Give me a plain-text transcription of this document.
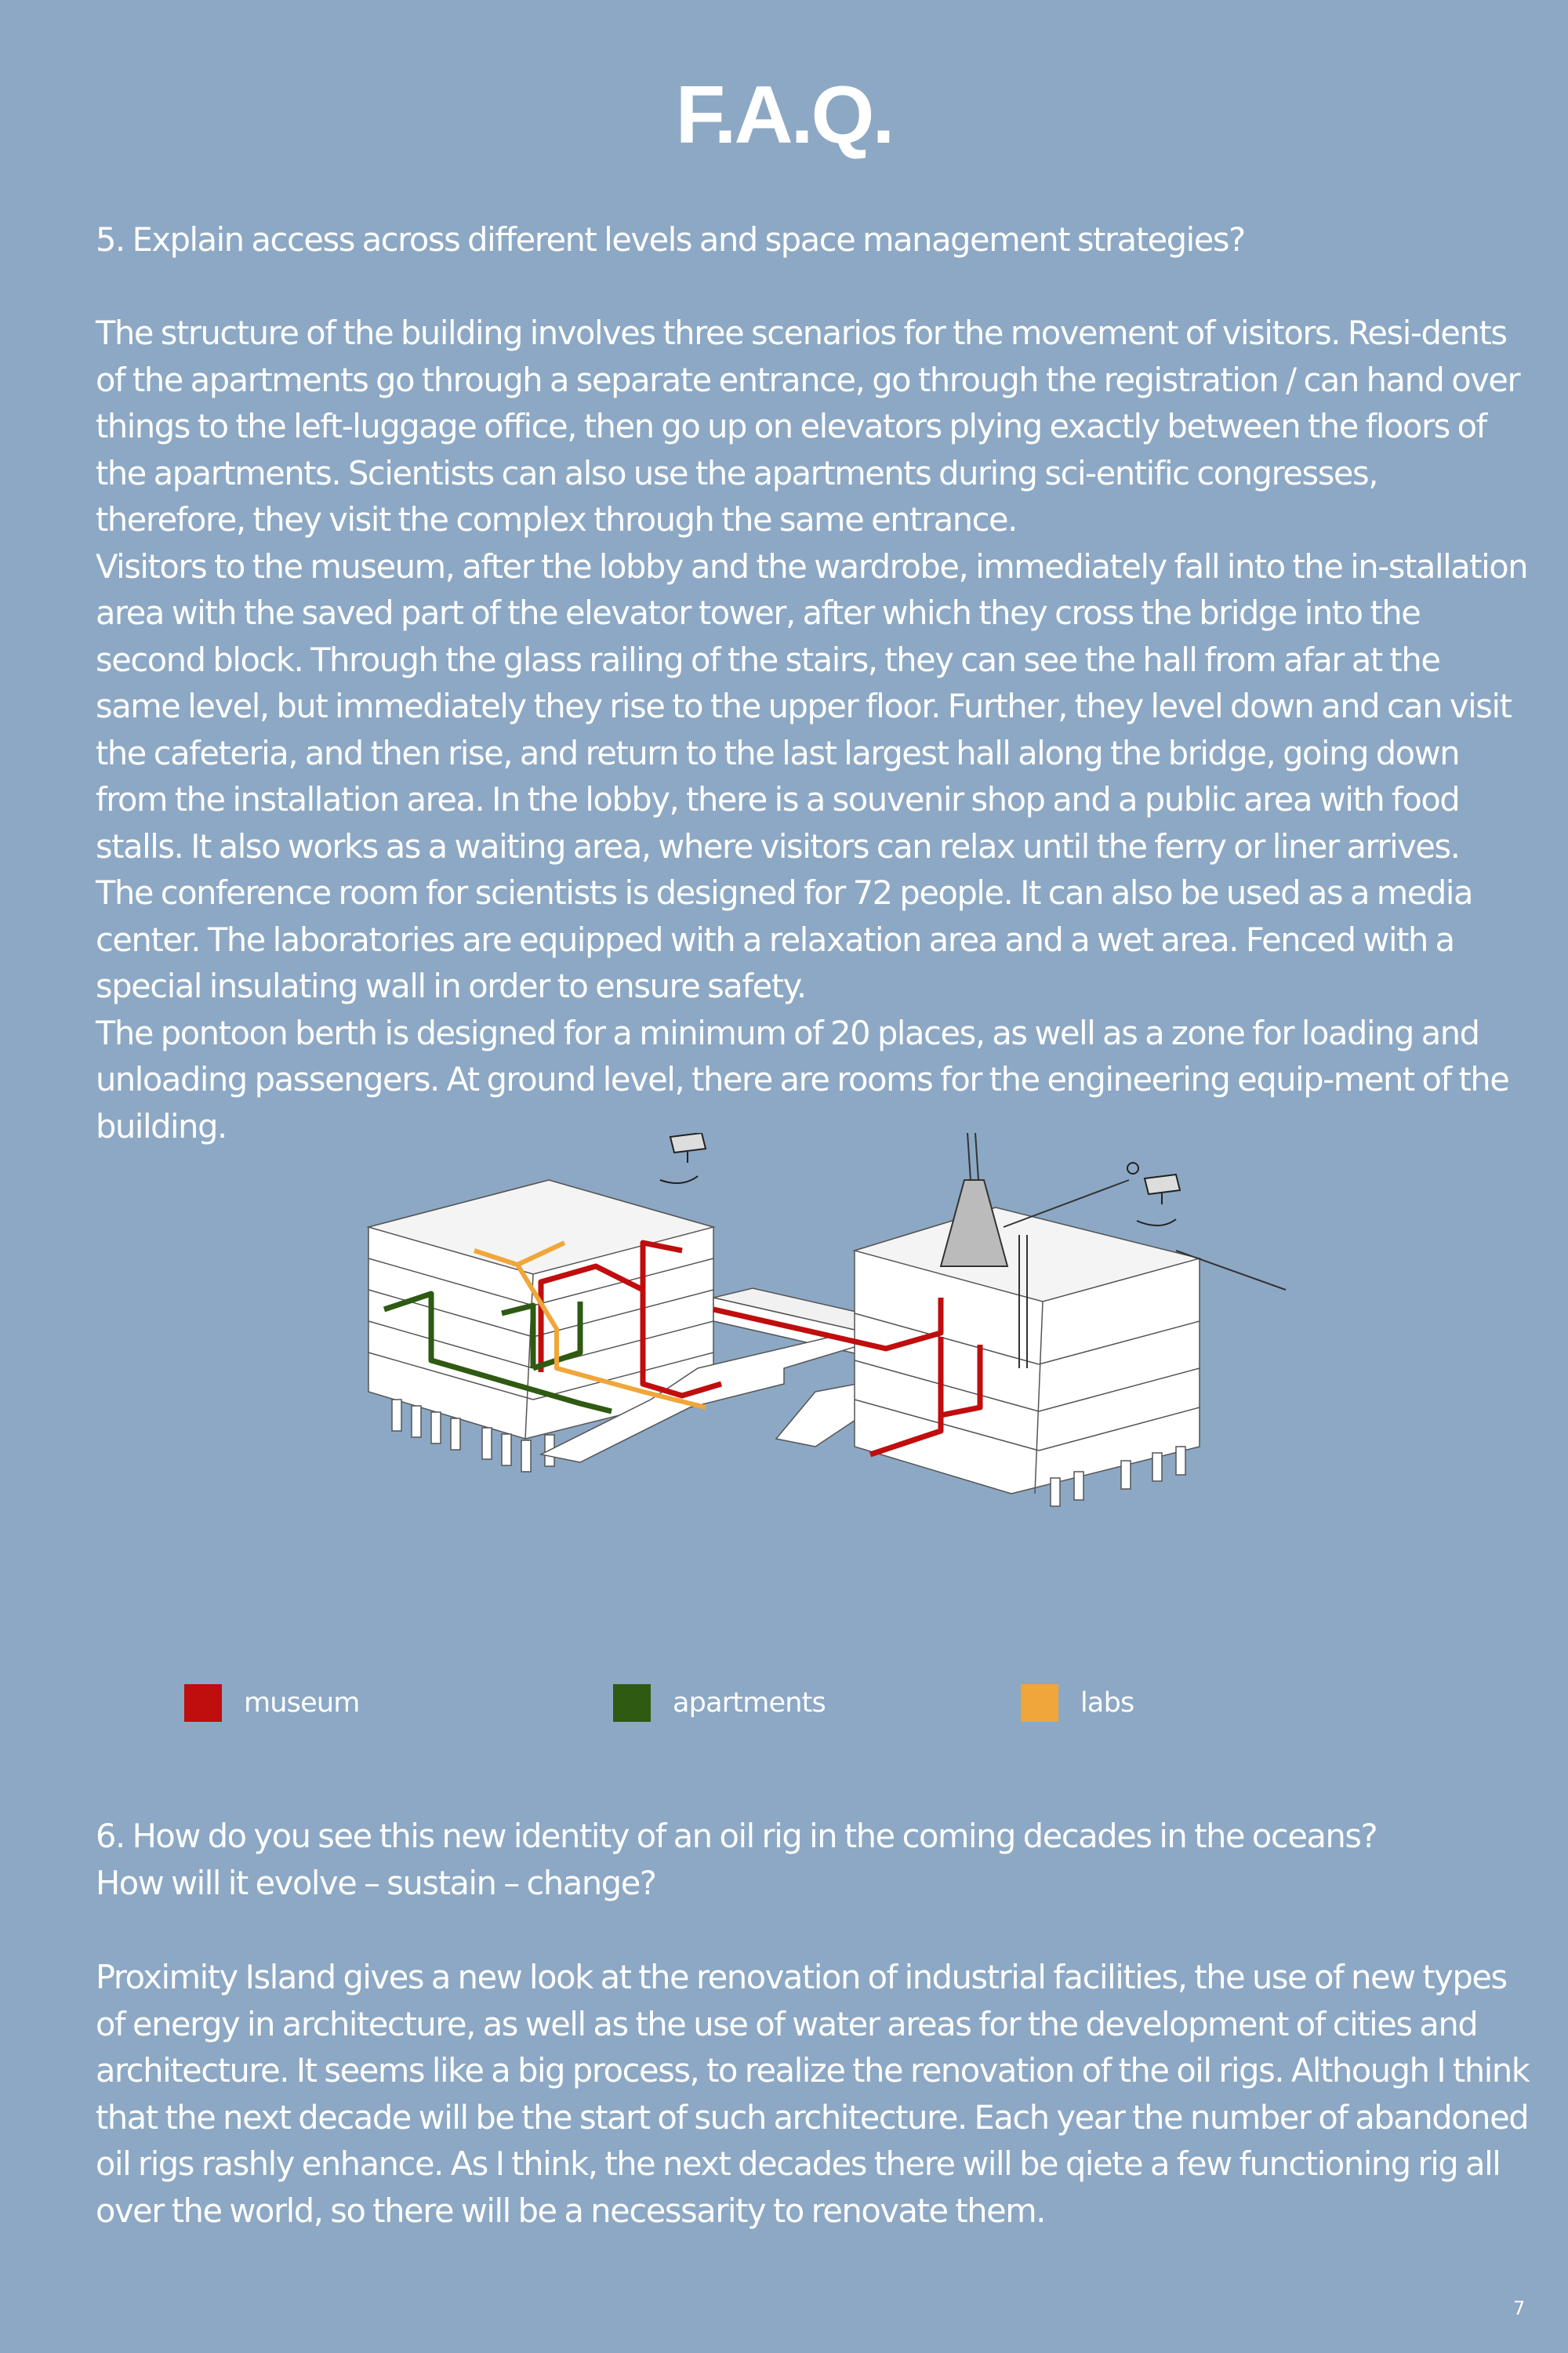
F.A.Q.

5. Explain access across different levels and space management strategies?

The structure of the building involves three scenarios for the movement of visitors. Resi-dents of the apartments go through a separate entrance, go through the registration / can hand over things to the left-luggage office, then go up on elevators plying exactly between the floors of the apartments. Scientists can also use the apartments during sci-entific congresses, therefore, they visit the complex through the same entrance.

Visitors to the museum, after the lobby and the wardrobe, immediately fall into the in-stallation area with the saved part of the elevator tower, after which they cross the bridge into the second block. Through the glass railing of the stairs, they can see the hall from afar at the same level, but immediately they rise to the upper floor. Further, they level down and can visit the cafeteria, and then rise, and return to the last largest hall along the bridge, going down from the installation area. In the lobby, there is a souvenir shop and a public area with food stalls. It also works as a waiting area, where visitors can relax until the ferry or liner arrives.

The conference room for scientists is designed for 72 people. It can also be used as a media center. The laboratories are equipped with a relaxation area and a wet area. Fenced with a special insulating wall in order to ensure safety.

The pontoon berth is designed for a minimum of 20 places, as well as a zone for loading and unloading passengers. At ground level, there are rooms for the engineering equip-ment of the building.

museum	apartments	labs

6. How do you see this new identity of an oil rig in the coming decades in the oceans?

How will it evolve – sustain – change?

Proximity Island gives a new look at the renovation of industrial facilities, the use of new types of energy in architecture, as well as the use of water areas for the development of cities and architecture. It seems like a big process, to realize the renovation of the oil rigs. Although I think that the next decade will be the start of such architecture. Each year the number of abandoned oil rigs rashly enhance. As I think, the next decades there will be qiete a few functioning rig all over the world, so there will be a necessarity to renovate them.

7
